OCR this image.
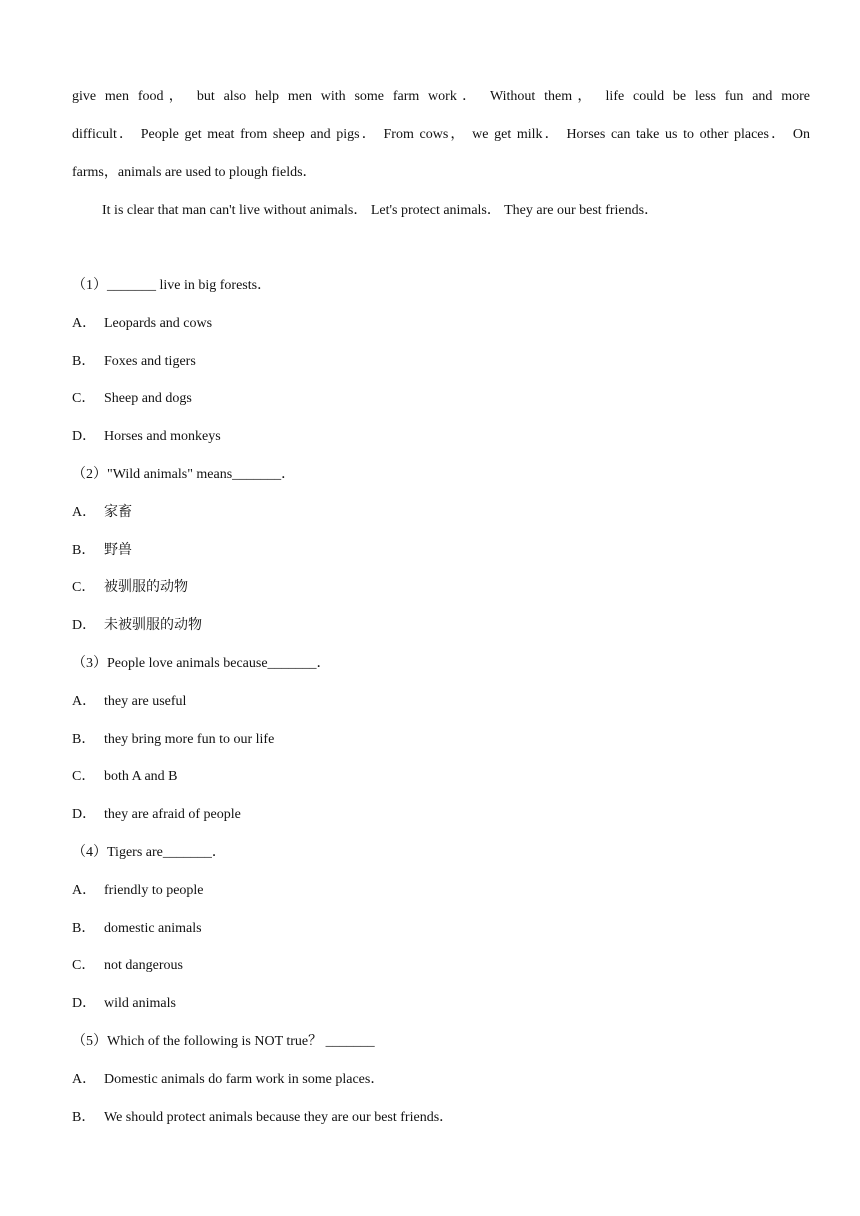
give men food， but also help men with some farm work． Without them， life could be less fun and more
difficult． People get meat from sheep and pigs． From cows， we get milk． Horses can take us to other places． On
farms，animals are used to plough fields．
It is clear that man can't live without animals． Let's protect animals． They are our best friends．
（1）_______ live in big forests．
A． Leopards and cows
B． Foxes and tigers
C． Sheep and dogs
D． Horses and monkeys
（2）"Wild animals" means_______．
A． 家畜
B． 野兽
C． 被驯服的动物
D． 未被驯服的动物
（3）People love animals because_______．
A． they are useful
B． they bring more fun to our life
C． both A and B
D． they are afraid of people
（4）Tigers are_______．
A． friendly to people
B． domestic animals
C． not dangerous
D． wild animals
（5）Which of the following is NOT true？ _______
A． Domestic animals do farm work in some places．
B． We should protect animals because they are our best friends．
